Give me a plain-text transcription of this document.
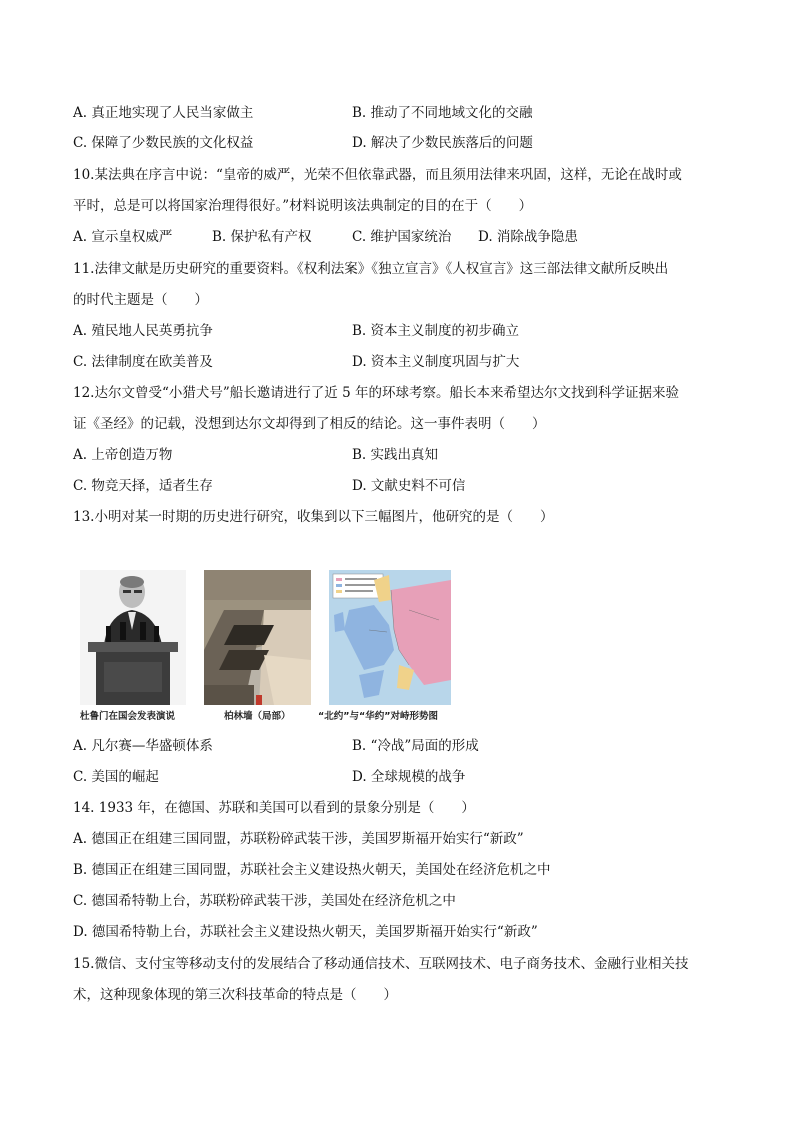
A. 真正地实现了人民当家做主	B. 推动了不同地域文化的交融
C. 保障了少数民族的文化权益	D. 解决了少数民族落后的问题
10.某法典在序言中说：“皇帝的威严，光荣不但依靠武器，而且须用法律来巩固，这样，无论在战时或
平时，总是可以将国家治理得很好。”材料说明该法典制定的目的在于（　　）
A. 宣示皇权威严	B. 保护私有产权	C. 维护国家统治 D. 消除战争隐患
11.法律文献是历史研究的重要资料。《权利法案》《独立宣言》《人权宣言》这三部法律文献所反映出
的时代主题是（　　）
A. 殖民地人民英勇抗争	B. 资本主义制度的初步确立
C. 法律制度在欧美普及	D. 资本主义制度巩固与扩大
12.达尔文曾受“小猎犬号”船长邀请进行了近 5 年的环球考察。船长本来希望达尔文找到科学证据来验
证《圣经》的记载，没想到达尔文却得到了相反的结论。这一事件表明（　　）
A. 上帝创造万物	B. 实践出真知
C. 物竞天择，适者生存	D. 文献史料不可信
13.小明对某一时期的历史进行研究，收集到以下三幅图片，他研究的是（　　）
杜鲁门在国会发表演说	柏林墙（局部）	“北约”与“华约”对峙形势图
A. 凡尔赛—华盛顿体系	B. “冷战”局面的形成
C. 美国的崛起	D. 全球规模的战争
14. 1933 年，在德国、苏联和美国可以看到的景象分别是（　　）
A. 德国正在组建三国同盟，苏联粉碎武装干涉，美国罗斯福开始实行“新政”
B. 德国正在组建三国同盟，苏联社会主义建设热火朝天，美国处在经济危机之中
C. 德国希特勒上台，苏联粉碎武装干涉，美国处在经济危机之中
D. 德国希特勒上台，苏联社会主义建设热火朝天，美国罗斯福开始实行“新政”
15.微信、支付宝等移动支付的发展结合了移动通信技术、互联网技术、电子商务技术、金融行业相关技
术，这种现象体现的第三次科技革命的特点是（　　）
